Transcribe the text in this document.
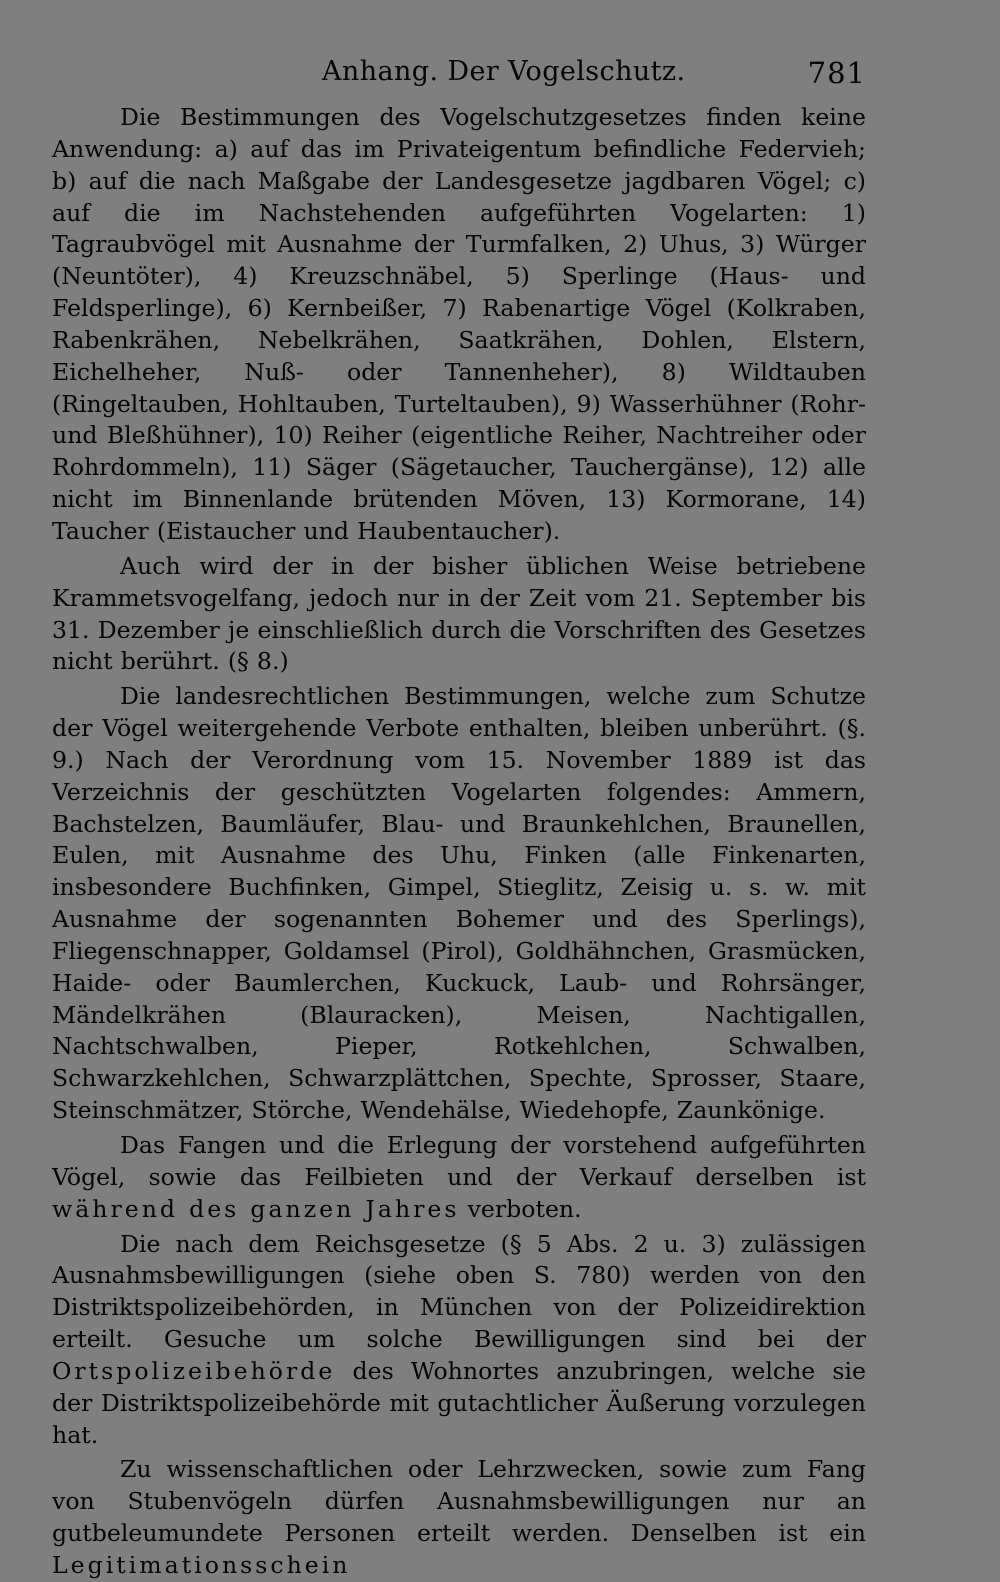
Anhang. Der Vogelschutz.	781

Die Bestimmungen des Vogelschutzgesetzes finden keine Anwendung: a) auf das im Privateigentum befindliche Federvieh; b) auf die nach Maßgabe der Landesgesetze jagdbaren Vögel; c) auf die im Nachstehenden aufgeführten Vogelarten: 1) Tagraubvögel mit Ausnahme der Turmfalken, 2) Uhus, 3) Würger (Neuntöter), 4) Kreuzschnäbel, 5) Sperlinge (Haus- und Feldsperlinge), 6) Kernbeißer, 7) Rabenartige Vögel (Kolkraben, Rabenkrähen, Nebelkrähen, Saatkrähen, Dohlen, Elstern, Eichelheher, Nuß- oder Tannenheher), 8) Wildtauben (Ringeltauben, Hohltauben, Turteltauben), 9) Wasserhühner (Rohr- und Bleßhühner), 10) Reiher (eigentliche Reiher, Nachtreiher oder Rohrdommeln), 11) Säger (Sägetaucher, Tauchergänse), 12) alle nicht im Binnenlande brütenden Möven, 13) Kormorane, 14) Taucher (Eistaucher und Haubentaucher).

Auch wird der in der bisher üblichen Weise betriebene Krammetsvogelfang, jedoch nur in der Zeit vom 21. September bis 31. Dezember je einschließlich durch die Vorschriften des Gesetzes nicht berührt. (§ 8.)

Die landesrechtlichen Bestimmungen, welche zum Schutze der Vögel weitergehende Verbote enthalten, bleiben unberührt. (§. 9.) Nach der Verordnung vom 15. November 1889 ist das Verzeichnis der geschützten Vogelarten folgendes: Ammern, Bachstelzen, Baumläufer, Blau- und Braunkehlchen, Braunellen, Eulen, mit Ausnahme des Uhu, Finken (alle Finkenarten, insbesondere Buchfinken, Gimpel, Stieglitz, Zeisig u. s. w. mit Ausnahme der sogenannten Bohemer und des Sperlings), Fliegenschnapper, Goldamsel (Pirol), Goldhähnchen, Grasmücken, Haide- oder Baumlerchen, Kuckuck, Laub- und Rohrsänger, Mändelkrähen (Blauracken), Meisen, Nachtigallen, Nachtschwalben, Pieper, Rotkehlchen, Schwalben, Schwarzkehlchen, Schwarzplättchen, Spechte, Sprosser, Staare, Steinschmätzer, Störche, Wendehälse, Wiedehopfe, Zaunkönige.

Das Fangen und die Erlegung der vorstehend aufgeführten Vögel, sowie das Feilbieten und der Verkauf derselben ist während des ganzen Jahres verboten.

Die nach dem Reichsgesetze (§ 5 Abs. 2 u. 3) zulässigen Ausnahmsbewilligungen (siehe oben S. 780) werden von den Distriktspolizeibehörden, in München von der Polizeidirektion erteilt. Gesuche um solche Bewilligungen sind bei der Ortspolizeibehörde des Wohnortes anzubringen, welche sie der Distriktspolizeibehörde mit gutachtlicher Äußerung vorzulegen hat.

Zu wissenschaftlichen oder Lehrzwecken, sowie zum Fang von Stubenvögeln dürfen Ausnahmsbewilligungen nur an gutbeleumundete Personen erteilt werden. Denselben ist ein Legitimationsschein
